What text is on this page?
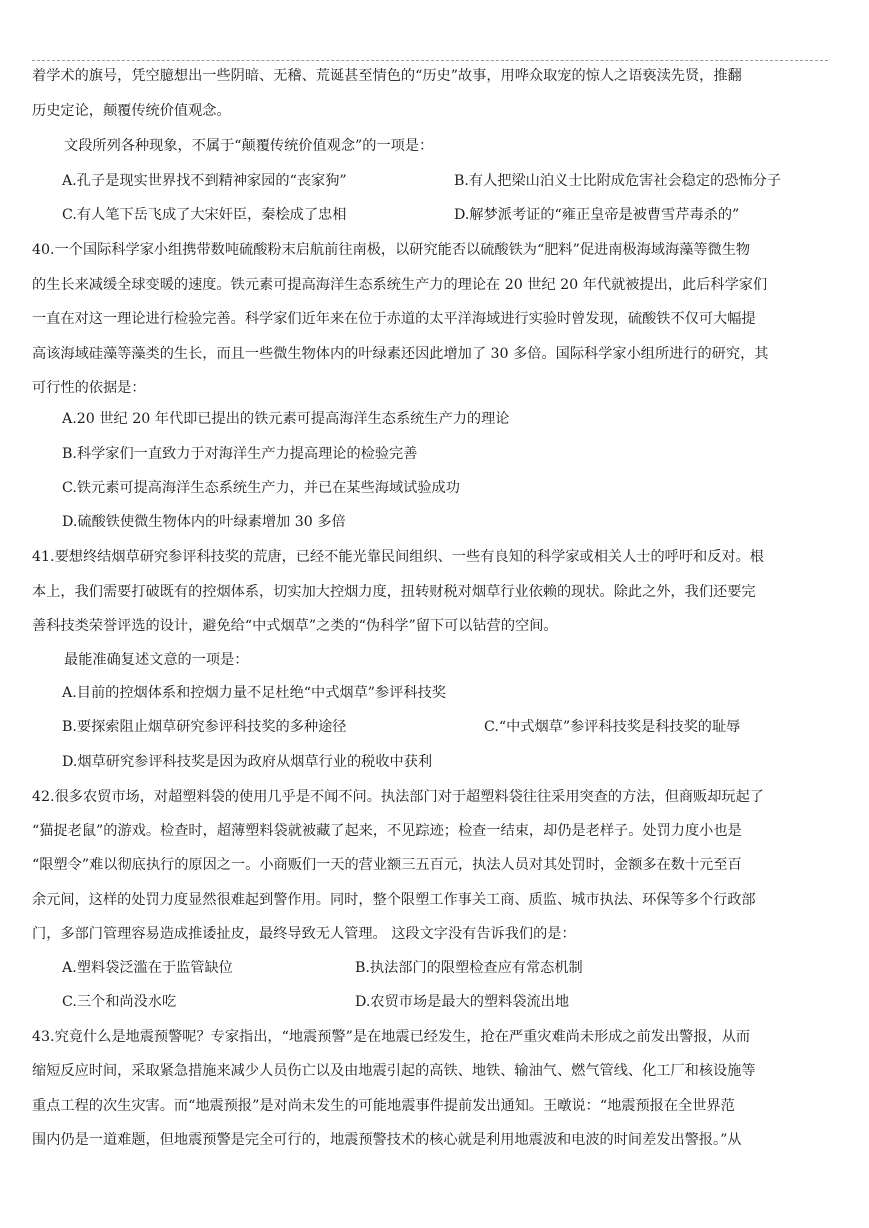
着学术的旗号，凭空臆想出一些阴暗、无稽、荒诞甚至情色的“历史”故事，用哗众取宠的惊人之语亵渎先贤，推翻
历史定论，颠覆传统价值观念。
文段所列各种现象，不属于“颠覆传统价值观念”的一项是：
A.孔子是现实世界找不到精神家园的“丧家狗”	B.有人把梁山泊义士比附成危害社会稳定的恐怖分子
C.有人笔下岳飞成了大宋奸臣，秦桧成了忠相	D.解梦派考证的“雍正皇帝是被曹雪芹毒杀的”
40.一个国际科学家小组携带数吨硫酸粉末启航前往南极，以研究能否以硫酸铁为“肥料”促进南极海域海藻等微生物
的生长来减缓全球变暖的速度。铁元素可提高海洋生态系统生产力的理论在 20 世纪 20 年代就被提出，此后科学家们
一直在对这一理论进行检验完善。科学家们近年来在位于赤道的太平洋海域进行实验时曾发现，硫酸铁不仅可大幅提
高该海域硅藻等藻类的生长，而且一些微生物体内的叶绿素还因此增加了 30 多倍。国际科学家小组所进行的研究，其
可行性的依据是：
A.20 世纪 20 年代即已提出的铁元素可提高海洋生态系统生产力的理论
B.科学家们一直致力于对海洋生产力提高理论的检验完善
C.铁元素可提高海洋生态系统生产力，并已在某些海域试验成功
D.硫酸铁使微生物体内的叶绿素增加 30 多倍
41.要想终结烟草研究参评科技奖的荒唐，已经不能光靠民间组织、一些有良知的科学家或相关人士的呼吁和反对。根
本上，我们需要打破既有的控烟体系，切实加大控烟力度，扭转财税对烟草行业依赖的现状。除此之外，我们还要完
善科技类荣誉评选的设计，避免给“中式烟草”之类的“伪科学”留下可以钻营的空间。
最能准确复述文意的一项是：
A.目前的控烟体系和控烟力量不足杜绝“中式烟草”参评科技奖
B.要探索阻止烟草研究参评科技奖的多种途径	C.“中式烟草”参评科技奖是科技奖的耻辱
D.烟草研究参评科技奖是因为政府从烟草行业的税收中获利
42.很多农贸市场，对超塑料袋的使用几乎是不闻不问。执法部门对于超塑料袋往往采用突查的方法，但商贩却玩起了
“猫捉老鼠”的游戏。检查时，超薄塑料袋就被藏了起来，不见踪迹；检查一结束，却仍是老样子。处罚力度小也是
“限塑令”难以彻底执行的原因之一。小商贩们一天的营业额三五百元，执法人员对其处罚时，金额多在数十元至百
余元间，这样的处罚力度显然很难起到警作用。同时，整个限塑工作事关工商、质监、城市执法、环保等多个行政部
门，多部门管理容易造成推诿扯皮，最终导致无人管理。 这段文字没有告诉我们的是：
A.塑料袋泛滥在于监管缺位	B.执法部门的限塑检查应有常态机制
C.三个和尚没水吃	D.农贸市场是最大的塑料袋流出地
43.究竟什么是地震预警呢？专家指出，“地震预警”是在地震已经发生，抢在严重灾难尚未形成之前发出警报，从而
缩短反应时间，采取紧急措施来减少人员伤亡以及由地震引起的高铁、地铁、输油气、燃气管线、化工厂和核设施等
重点工程的次生灾害。而“地震预报”是对尚未发生的可能地震事件提前发出通知。王暾说：“地震预报在全世界范
围内仍是一道难题，但地震预警是完全可行的，地震预警技术的核心就是利用地震波和电波的时间差发出警报。”从
